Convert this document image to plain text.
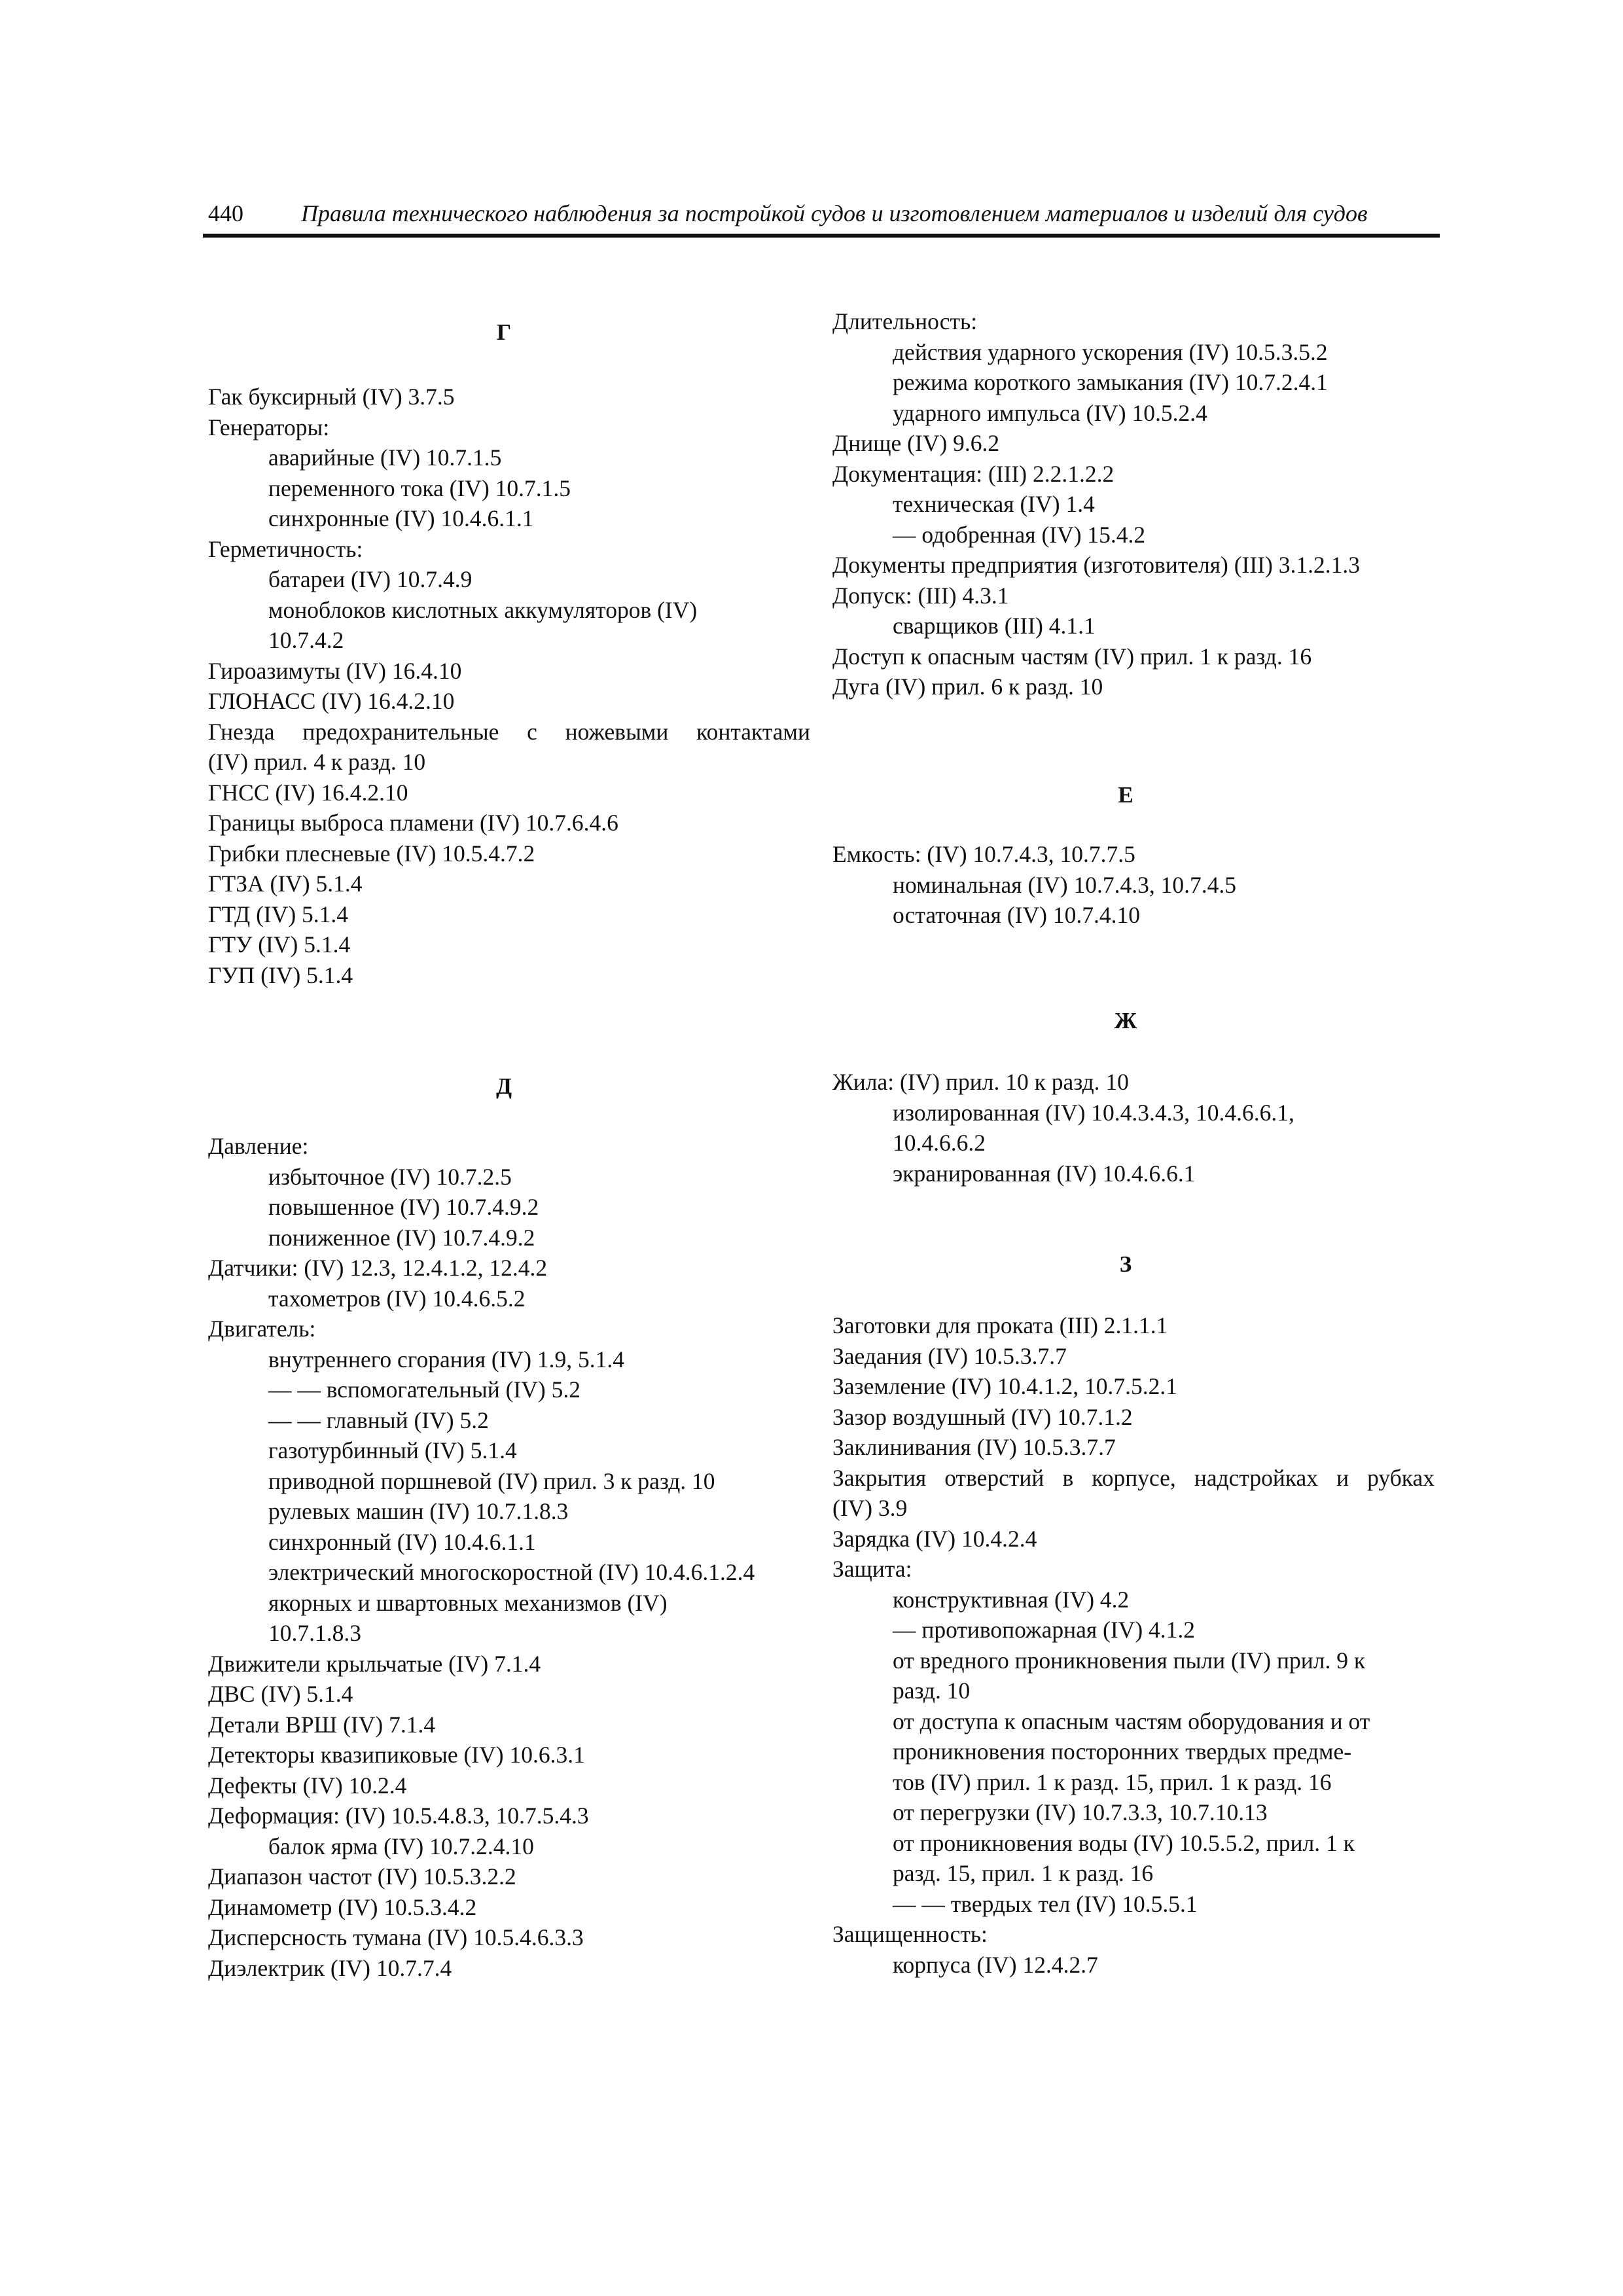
440 Правила технического наблюдения за постройкой судов и изготовлением материалов и изделий для судов
Г
Гак буксирный (IV) 3.7.5
Генераторы:
аварийные (IV) 10.7.1.5
переменного тока (IV) 10.7.1.5
синхронные (IV) 10.4.6.1.1
Герметичность:
батареи (IV) 10.7.4.9
моноблоков кислотных аккумуляторов (IV)
10.7.4.2
Гироазимуты (IV) 16.4.10
ГЛОНАСС (IV) 16.4.2.10
Гнезда предохранительные с ножевыми контактами
(IV) прил. 4 к разд. 10
ГНСС (IV) 16.4.2.10
Границы выброса пламени (IV) 10.7.6.4.6
Грибки плесневые (IV) 10.5.4.7.2
ГТЗА (IV) 5.1.4
ГТД (IV) 5.1.4
ГТУ (IV) 5.1.4
ГУП (IV) 5.1.4
Д
Давление:
избыточное (IV) 10.7.2.5
повышенное (IV) 10.7.4.9.2
пониженное (IV) 10.7.4.9.2
Датчики: (IV) 12.3, 12.4.1.2, 12.4.2
тахометров (IV) 10.4.6.5.2
Двигатель:
внутреннего сгорания (IV) 1.9, 5.1.4
— — вспомогательный (IV) 5.2
— — главный (IV) 5.2
газотурбинный (IV) 5.1.4
приводной поршневой (IV) прил. 3 к разд. 10
рулевых машин (IV) 10.7.1.8.3
синхронный (IV) 10.4.6.1.1
электрический многоскоростной (IV) 10.4.6.1.2.4
якорных и швартовных механизмов (IV)
10.7.1.8.3
Движители крыльчатые (IV) 7.1.4
ДВС (IV) 5.1.4
Детали ВРШ (IV) 7.1.4
Детекторы квазипиковые (IV) 10.6.3.1
Дефекты (IV) 10.2.4
Деформация: (IV) 10.5.4.8.3, 10.7.5.4.3
балок ярма (IV) 10.7.2.4.10
Диапазон частот (IV) 10.5.3.2.2
Динамометр (IV) 10.5.3.4.2
Дисперсность тумана (IV) 10.5.4.6.3.3
Диэлектрик (IV) 10.7.7.4
Длительность:
действия ударного ускорения (IV) 10.5.3.5.2
режима короткого замыкания (IV) 10.7.2.4.1
ударного импульса (IV) 10.5.2.4
Днище (IV) 9.6.2
Документация: (III) 2.2.1.2.2
техническая (IV) 1.4
— одобренная (IV) 15.4.2
Документы предприятия (изготовителя) (III) 3.1.2.1.3
Допуск: (III) 4.3.1
сварщиков (III) 4.1.1
Доступ к опасным частям (IV) прил. 1 к разд. 16
Дуга (IV) прил. 6 к разд. 10
Е
Емкость: (IV) 10.7.4.3, 10.7.7.5
номинальная (IV) 10.7.4.3, 10.7.4.5
остаточная (IV) 10.7.4.10
Ж
Жила: (IV) прил. 10 к разд. 10
изолированная (IV) 10.4.3.4.3, 10.4.6.6.1,
10.4.6.6.2
экранированная (IV) 10.4.6.6.1
З
Заготовки для проката (III) 2.1.1.1
Заедания (IV) 10.5.3.7.7
Заземление (IV) 10.4.1.2, 10.7.5.2.1
Зазор воздушный (IV) 10.7.1.2
Заклинивания (IV) 10.5.3.7.7
Закрытия отверстий в корпусе, надстройках и рубках
(IV) 3.9
Зарядка (IV) 10.4.2.4
Защита:
конструктивная (IV) 4.2
— противопожарная (IV) 4.1.2
от вредного проникновения пыли (IV) прил. 9 к
разд. 10
от доступа к опасным частям оборудования и от
проникновения посторонних твердых предме-
тов (IV) прил. 1 к разд. 15, прил. 1 к разд. 16
от перегрузки (IV) 10.7.3.3, 10.7.10.13
от проникновения воды (IV) 10.5.5.2, прил. 1 к
разд. 15, прил. 1 к разд. 16
— — твердых тел (IV) 10.5.5.1
Защищенность:
корпуса (IV) 12.4.2.7
